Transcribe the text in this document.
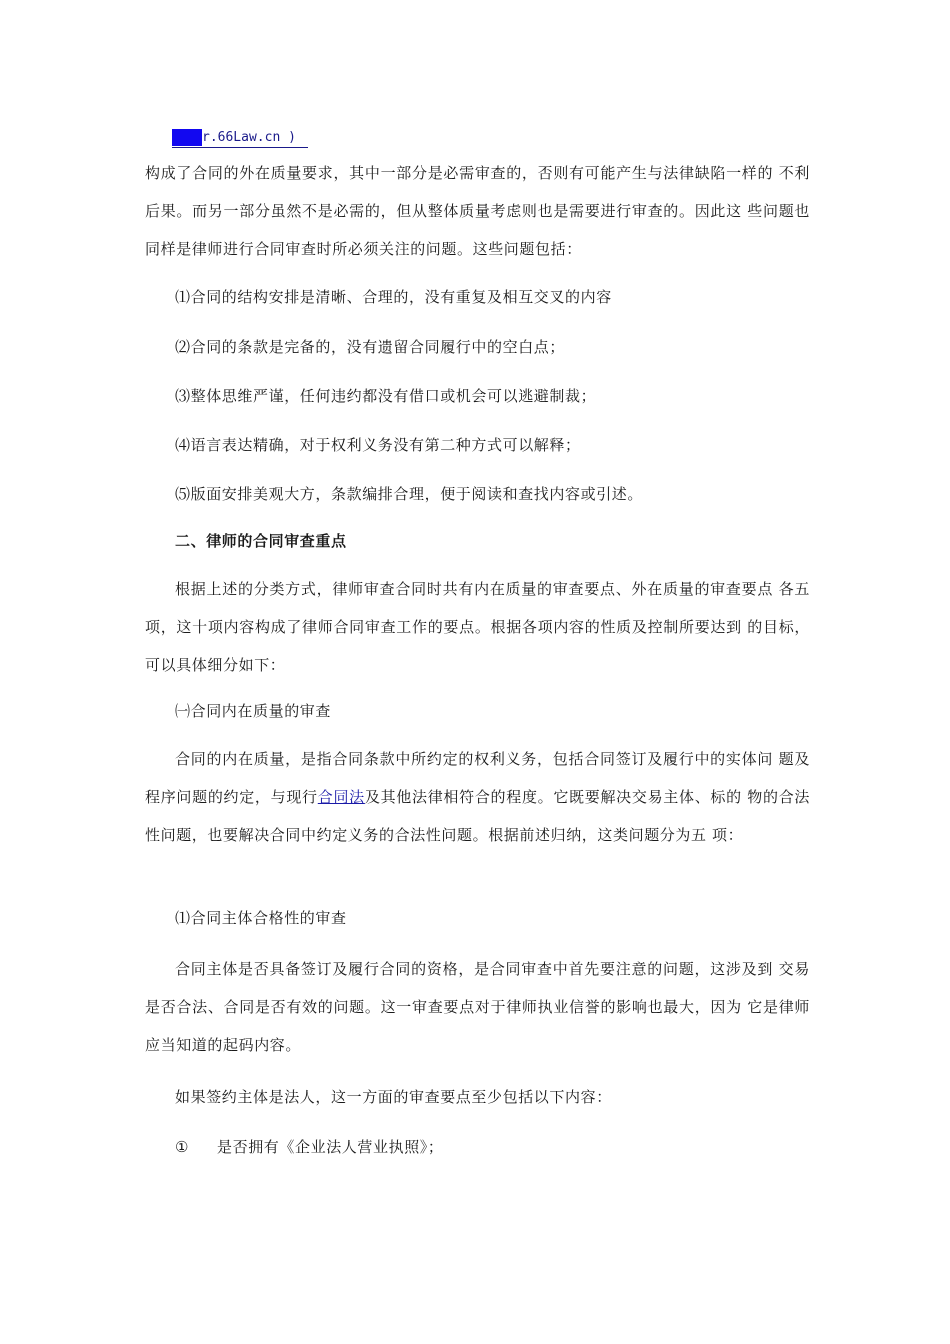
r.66Law.cn )
构成了合同的外在质量要求，其中一部分是必需审查的，否则有可能产生与法律缺陷一样的 不利后果。而另一部分虽然不是必需的，但从整体质量考虑则也是需要进行审查的。因此这 些问题也同样是律师进行合同审查时所必须关注的问题。这些问题包括：
⑴合同的结构安排是清晰、合理的，没有重复及相互交叉的内容
⑵合同的条款是完备的，没有遗留合同履行中的空白点；
⑶整体思维严谨，任何违约都没有借口或机会可以逃避制裁；
⑷语言表达精确，对于权利义务没有第二种方式可以解释；
⑸版面安排美观大方，条款编排合理，便于阅读和查找内容或引述。
二、律师的合同审查重点
根据上述的分类方式，律师审查合同时共有内在质量的审查要点、外在质量的审查要点 各五项，这十项内容构成了律师合同审查工作的要点。根据各项内容的性质及控制所要达到 的目标，可以具体细分如下：
㈠合同内在质量的审查
合同的内在质量，是指合同条款中所约定的权利义务，包括合同签订及履行中的实体问 题及程序问题的约定，与现行合同法及其他法律相符合的程度。它既要解决交易主体、标的 物的合法性问题，也要解决合同中约定义务的合法性问题。根据前述归纳，这类问题分为五 项：
⑴合同主体合格性的审查
合同主体是否具备签订及履行合同的资格，是合同审查中首先要注意的问题，这涉及到 交易是否合法、合同是否有效的问题。这一审查要点对于律师执业信誉的影响也最大，因为 它是律师应当知道的起码内容。
如果签约主体是法人，这一方面的审查要点至少包括以下内容：
① 是否拥有《企业法人营业执照》；
